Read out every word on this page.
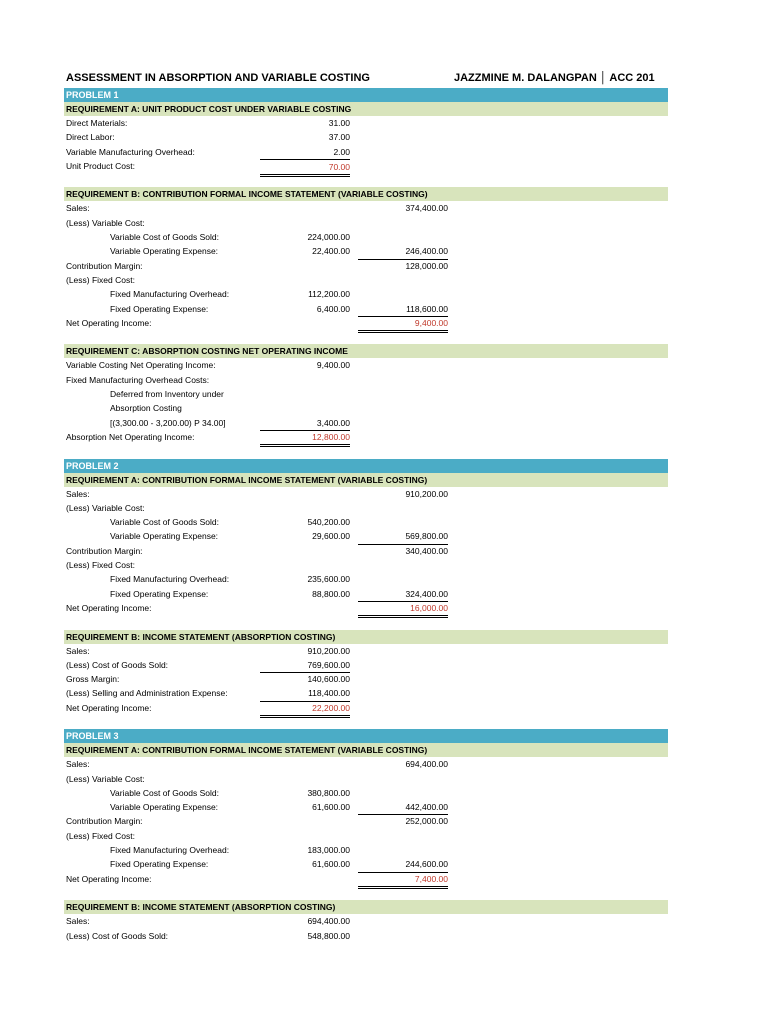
ASSESSMENT IN ABSORPTION AND VARIABLE COSTING	JAZZMINE M. DALANGPAN │ ACC 201
PROBLEM 1
REQUIREMENT A: UNIT PRODUCT COST UNDER VARIABLE COSTING
Direct Materials:	31.00
Direct Labor:	37.00
Variable Manufacturing Overhead:	2.00
Unit Product Cost:	70.00
REQUIREMENT B: CONTRIBUTION FORMAL INCOME STATEMENT (VARIABLE COSTING)
Sales:	374,400.00
(Less) Variable Cost:
Variable Cost of Goods Sold:	224,000.00
Variable Operating Expense:	22,400.00	246,400.00
Contribution Margin:	128,000.00
(Less) Fixed Cost:
Fixed Manufacturing Overhead:	112,200.00
Fixed Operating Expense:	6,400.00	118,600.00
Net Operating Income:	9,400.00
REQUIREMENT C: ABSORPTION COSTING NET OPERATING INCOME
Variable Costing Net Operating Income:	9,400.00
Fixed Manufacturing Overhead Costs:
Deferred from Inventory under
Absorption Costing
[(3,300.00 - 3,200.00) P 34.00]	3,400.00
Absorption Net Operating Income:	12,800.00
PROBLEM 2
REQUIREMENT A: CONTRIBUTION FORMAL INCOME STATEMENT (VARIABLE COSTING)
Sales:	910,200.00
(Less) Variable Cost:
Variable Cost of Goods Sold:	540,200.00
Variable Operating Expense:	29,600.00	569,800.00
Contribution Margin:	340,400.00
(Less) Fixed Cost:
Fixed Manufacturing Overhead:	235,600.00
Fixed Operating Expense:	88,800.00	324,400.00
Net Operating Income:	16,000.00
REQUIREMENT B: INCOME STATEMENT (ABSORPTION COSTING)
Sales:	910,200.00
(Less) Cost of Goods Sold:	769,600.00
Gross Margin:	140,600.00
(Less) Selling and Administration Expense:	118,400.00
Net Operating Income:	22,200.00
PROBLEM 3
REQUIREMENT A: CONTRIBUTION FORMAL INCOME STATEMENT (VARIABLE COSTING)
Sales:	694,400.00
(Less) Variable Cost:
Variable Cost of Goods Sold:	380,800.00
Variable Operating Expense:	61,600.00	442,400.00
Contribution Margin:	252,000.00
(Less) Fixed Cost:
Fixed Manufacturing Overhead:	183,000.00
Fixed Operating Expense:	61,600.00	244,600.00
Net Operating Income:	7,400.00
REQUIREMENT B: INCOME STATEMENT (ABSORPTION COSTING)
Sales:	694,400.00
(Less) Cost of Goods Sold:	548,800.00
